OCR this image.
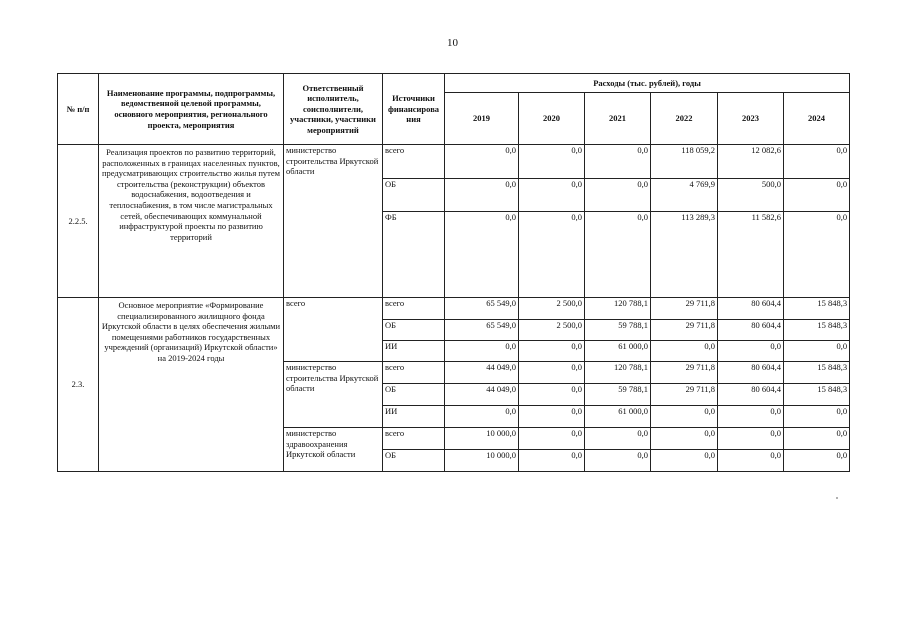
10
№ п/п	Наименование программы, подпрограммы, ведомственной целевой программы, основного мероприятия, регионального проекта, мероприятия	Ответственный исполнитель, соисполнители, участники, участники мероприятий	Источники финансирова ния	Расходы (тыс. рублей), годы					
				2019	2020	2021	2022	2023	2024
2.2.5.	Реализация проектов по развитию территорий, расположенных в границах населенных пунктов, предусматривающих строительство жилья путем строительства (реконструкции) объектов водоснабжения, водоотведения и теплоснабжения, в том числе магистральных сетей, обеспечивающих коммунальной инфраструктурой проекты по развитию территорий	министерство строительства Иркутской области	всего	0,0	0,0	0,0	118 059,2	12 082,6	0,0
			ОБ	0,0	0,0	0,0	4 769,9	500,0	0,0
			ФБ	0,0	0,0	0,0	113 289,3	11 582,6	0,0
2.3.	Основное мероприятие «Формирование специализированного жилищного фонда Иркутской области в целях обеспечения жилыми помещениями работников государственных учреждений (организаций) Иркутской области» на 2019-2024 годы	всего	всего	65 549,0	2 500,0	120 788,1	29 711,8	80 604,4	15 848,3
			ОБ	65 549,0	2 500,0	59 788,1	29 711,8	80 604,4	15 848,3
			ИИ	0,0	0,0	61 000,0	0,0	0,0	0,0
		министерство строительства Иркутской области	всего	44 049,0	0,0	120 788,1	29 711,8	80 604,4	15 848,3
			ОБ	44 049,0	0,0	59 788,1	29 711,8	80 604,4	15 848,3
			ИИ	0,0	0,0	61 000,0	0,0	0,0	0,0
		министерство здравоохранения Иркутской области	всего	10 000,0	0,0	0,0	0,0	0,0	0,0
			ОБ	10 000,0	0,0	0,0	0,0	0,0	0,0
